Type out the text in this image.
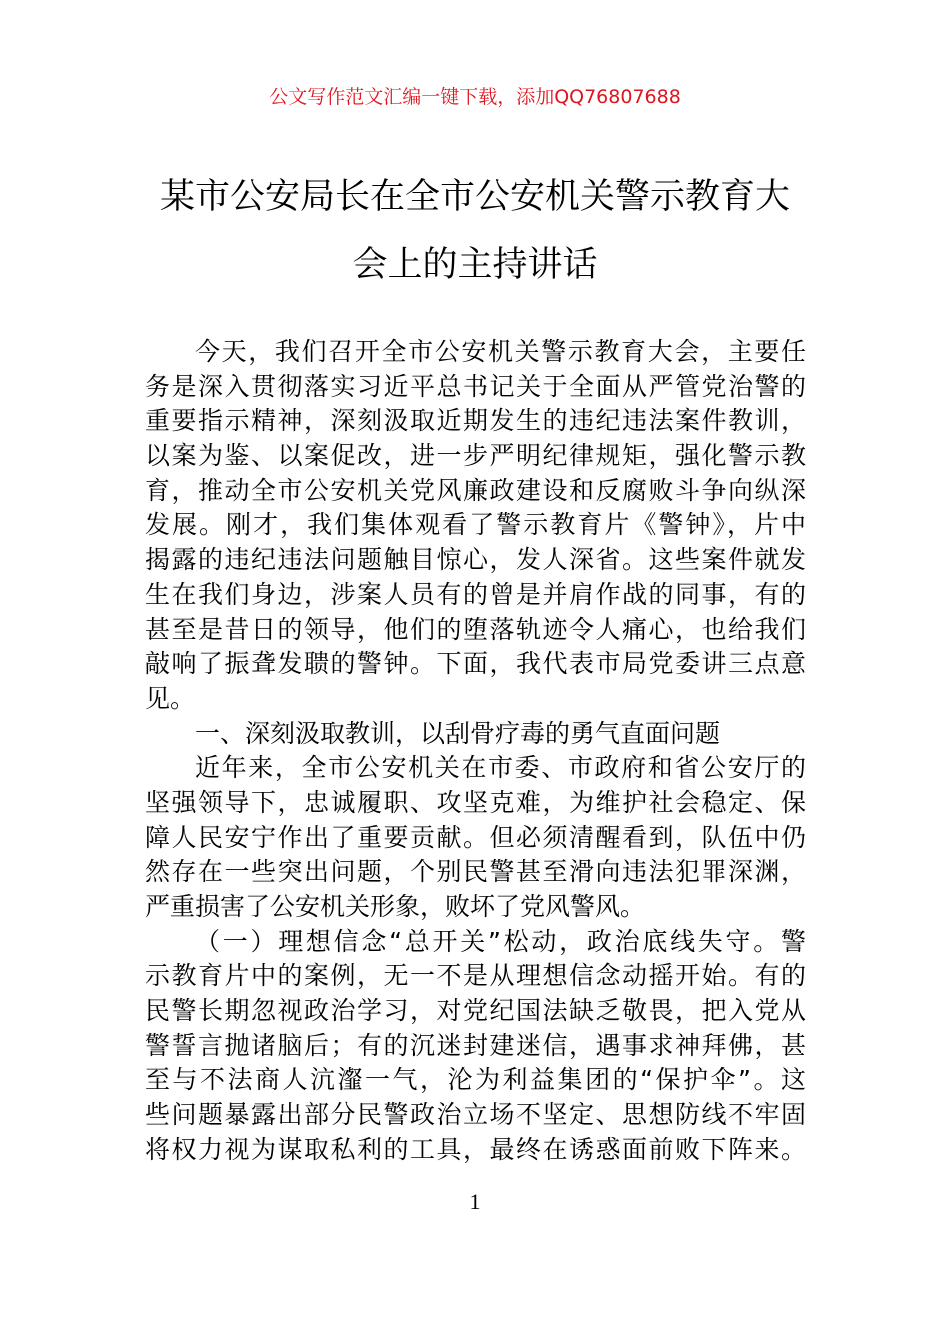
公文写作范文汇编一键下载，添加QQ76807688
某市公安局长在全市公安机关警示教育大
会上的主持讲话
今天，我们召开全市公安机关警示教育大会，主要任
务是深入贯彻落实习近平总书记关于全面从严管党治警的
重要指示精神，深刻汲取近期发生的违纪违法案件教训，
以案为鉴、以案促改，进一步严明纪律规矩，强化警示教
育，推动全市公安机关党风廉政建设和反腐败斗争向纵深
发展。刚才，我们集体观看了警示教育片《警钟》，片中
揭露的违纪违法问题触目惊心，发人深省。这些案件就发
生在我们身边，涉案人员有的曾是并肩作战的同事，有的
甚至是昔日的领导，他们的堕落轨迹令人痛心，也给我们
敲响了振聋发聩的警钟。下面，我代表市局党委讲三点意
见。
一、深刻汲取教训，以刮骨疗毒的勇气直面问题
近年来，全市公安机关在市委、市政府和省公安厅的
坚强领导下，忠诚履职、攻坚克难，为维护社会稳定、保
障人民安宁作出了重要贡献。但必须清醒看到，队伍中仍
然存在一些突出问题，个别民警甚至滑向违法犯罪深渊，
严重损害了公安机关形象，败坏了党风警风。
（一）理想信念“总开关”松动，政治底线失守。警
示教育片中的案例，无一不是从理想信念动摇开始。有的
民警长期忽视政治学习，对党纪国法缺乏敬畏，把入党从
警誓言抛诸脑后；有的沉迷封建迷信，遇事求神拜佛，甚
至与不法商人沆瀣一气，沦为利益集团的“保护伞”。这
些问题暴露出部分民警政治立场不坚定、思想防线不牢固
将权力视为谋取私利的工具，最终在诱惑面前败下阵来。
1
